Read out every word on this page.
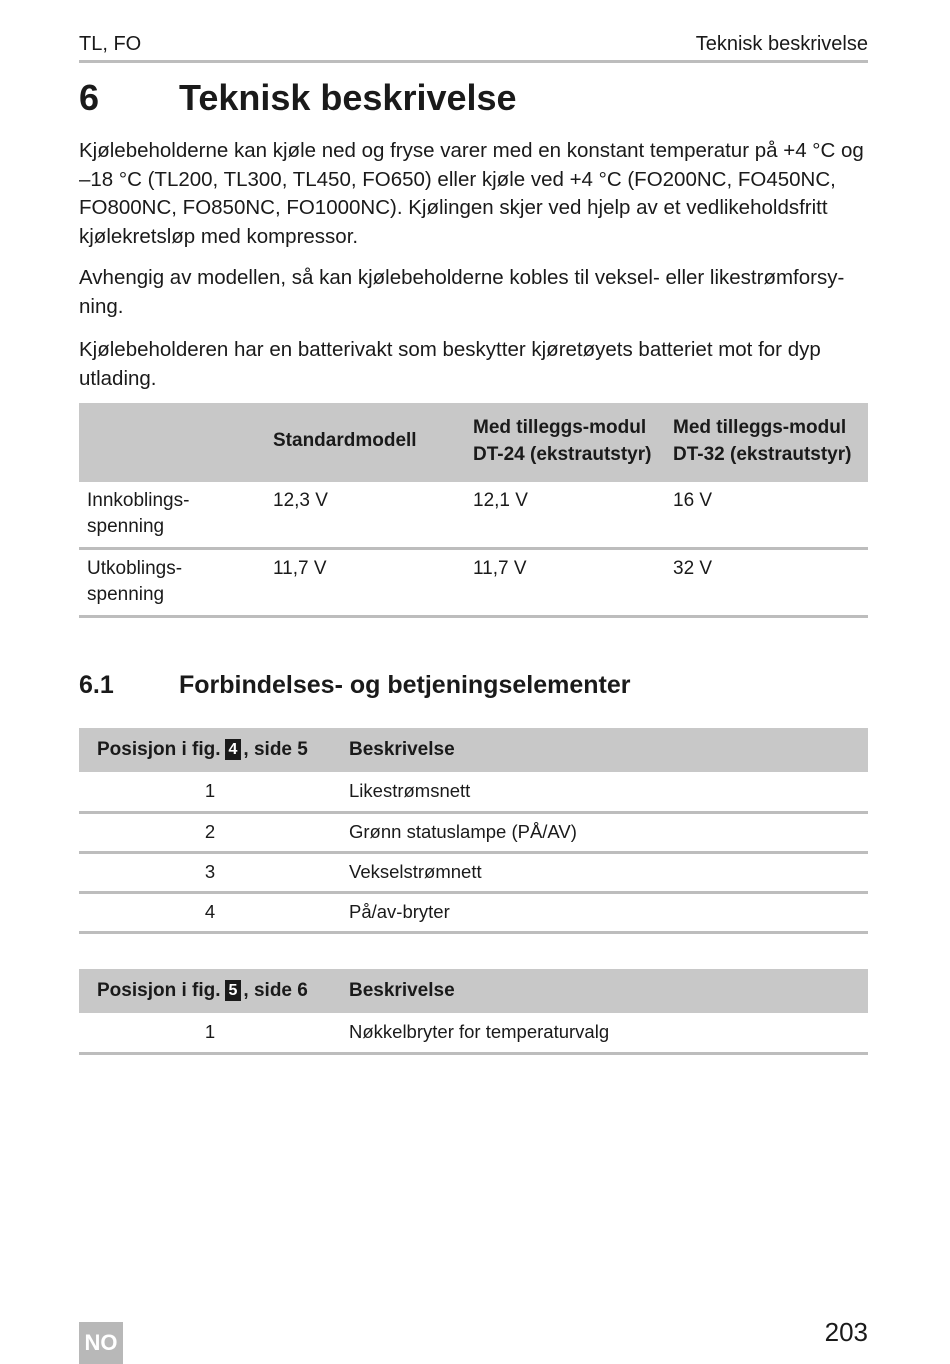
TL, FO	Teknisk beskrivelse
6	Teknisk beskrivelse

Kjølebeholderne kan kjøle ned og fryse varer med en konstant temperatur på +4 °C og –18 °C (TL200, TL300, TL450, FO650) eller kjøle ved +4 °C (FO200NC, FO450NC, FO800NC, FO850NC, FO1000NC). Kjølingen skjer ved hjelp av et vedlikeholdsfritt kjølekretsløp med kompressor.

Avhengig av modellen, så kan kjølebeholderne kobles til veksel- eller likestrømforsy-ning.

Kjølebeholderen har en batterivakt som beskytter kjøretøyets batteriet mot for dyp utlading.

	Standardmodell	Med tilleggs-modul DT-24 (ekstrautstyr)	Med tilleggs-modul DT-32 (ekstrautstyr)
Innkoblings-spenning	12,3 V	12,1 V	16 V
Utkoblings-spenning	11,7 V	11,7 V	32 V
6.1	Forbindelses- og betjeningselementer
Posisjon i fig. 4 , side 5	Beskrivelse
1	Likestrømsnett
2	Grønn statuslampe (PÅ/AV)
3	Vekselstrømnett
4	På/av-bryter
Posisjon i fig. 5 , side 6	Beskrivelse
1	Nøkkelbryter for temperaturvalg
203
NO
